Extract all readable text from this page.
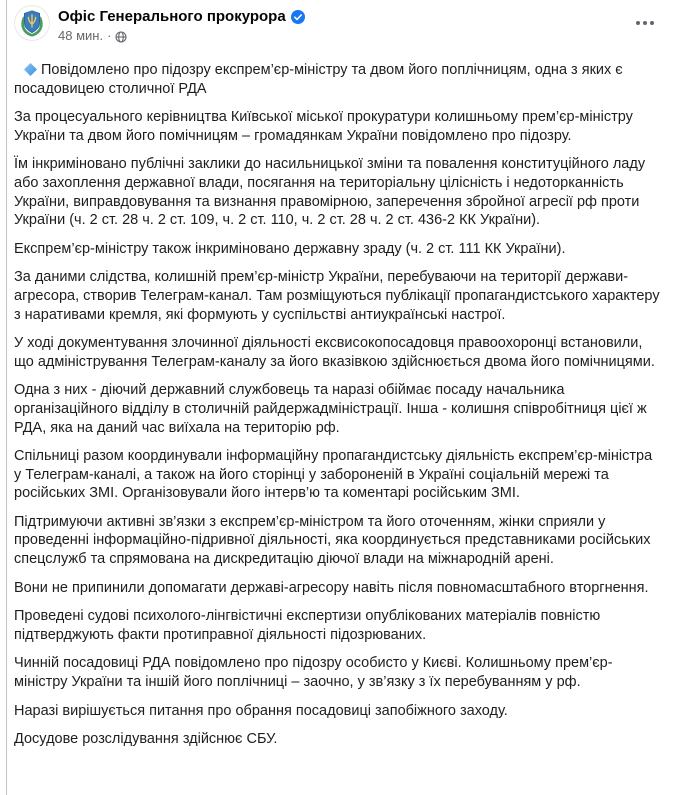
Офіс Генерального прокурора
48 мин. ·

Повідомлено про підозру експрем’єр-міністру та двом його поплічницям, одна з яких є посадовицею столичної РДА

За процесуального керівництва Київської міської прокуратури колишньому прем’єр-міністру України та двом його помічницям – громадянкам України повідомлено про підозру.

Їм інкриміновано публічні заклики до насильницької зміни та повалення конституційного ладу або захоплення державної влади, посягання на територіальну цілісність і недоторканність України, виправдовування та визнання правомірною, заперечення збройної агресії рф проти України (ч. 2 ст. 28 ч. 2 ст. 109, ч. 2 ст. 110, ч. 2 ст. 28 ч. 2 ст. 436-2 КК України).

Експрем’єр-міністру також інкриміновано державну зраду (ч. 2 ст. 111 КК України).

За даними слідства, колишній прем’єр-міністр України, перебуваючи на території держави-агресора, створив Телеграм-канал. Там розміщуються публікації пропагандистського характеру з наративами кремля, які формують у суспільстві антиукраїнські настрої.

У ході документування злочинної діяльності ексвисокопосадовця правоохоронці встановили, що адміністрування Телеграм-каналу за його вказівкою здійснюється двома його помічницями.

Одна з них - діючий державний службовець та наразі обіймає посаду начальника організаційного відділу в столичній райдержадміністрації. Інша - колишня співробітниця цієї ж РДА, яка на даний час виїхала на територію рф.

Спільниці разом координували інформаційну пропагандистську діяльність експрем’єр-міністра у Телеграм-каналі, а також на його сторінці у забороненій в Україні соціальній мережі та російських ЗМІ. Організовували його інтерв’ю та коментарі російським ЗМІ.

Підтримуючи активні зв’язки з експрем’єр-міністром та його оточенням, жінки сприяли у проведенні інформаційно-підривної діяльності, яка координується представниками російських спецслужб та спрямована на дискредитацію діючої влади на міжнародній арені.

Вони не припинили допомагати державі-агресору навіть після повномасштабного вторгнення.

Проведені судові психолого-лінгвістичні експертизи опублікованих матеріалів повністю підтверджують факти протиправної діяльності підозрюваних.

Чинній посадовиці РДА повідомлено про підозру особисто у Києві. Колишньому прем’єр-міністру України та іншій його поплічниці – заочно, у зв’язку з їх перебуванням у рф.

Наразі вирішується питання про обрання посадовиці запобіжного заходу.

Досудове розслідування здійснює СБУ.
